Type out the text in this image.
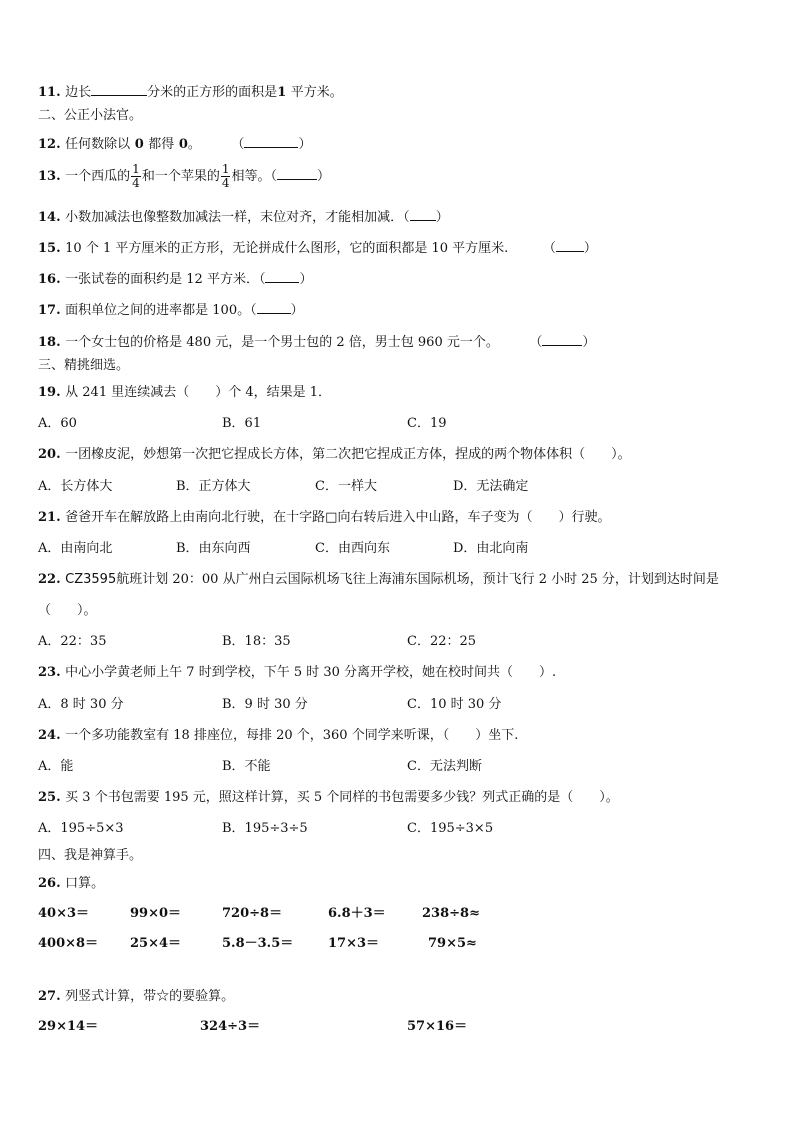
11. 边长	分米的正方形的面积是1 平方米。
二、公正小法官。
12. 任何数除以 0 都得 0。 （	）
13. 一个西瓜的 $\frac{1}{4}$ 和一个苹果的 $\frac{1}{4}$ 相等。（	）
14. 小数加减法也像整数加减法一样，末位对齐，才能相加减．（ ）
15. 10 个 1 平方厘米的正方形，无论拼成什么图形，它的面积都是 10 平方厘米.	（ ）
16. 一张试卷的面积约是 12 平方米．（	）
17. 面积单位之间的进率都是 100。（	）
18. 一个女士包的价格是 480 元，是一个男士包的 2 倍，男士包 960 元一个。 （	）
三、精挑细选。
19. 从 241 里连续减去（　　）个 4，结果是 1．
A．60	B．61	C．19
20. 一团橡皮泥，妙想第一次把它捏成长方体，第二次把它捏成正方体，捏成的两个物体体积（　　）。
A．长方体大	B．正方体大	C．一样大	D．无法确定
21. 爸爸开车在解放路上由南向北行驶，在十字路□向右转后进入中山路，车子变为（　　）行驶。
A．由南向北	B．由东向西	C．由西向东	D．由北向南
22. CZ3595航班计划 20：00 从广州白云国际机场飞往上海浦东国际机场，预计飞行 2 小时 25 分，计划到达时间是
（　　）。
A．22：35	B．18：35	C．22：25
23. 中心小学黄老师上午 7 时到学校，下午 5 时 30 分离开学校，她在校时间共（　　）.
A．8 时 30 分	B．9 时 30 分	C．10 时 30 分
24. 一个多功能教室有 18 排座位，每排 20 个，360 个同学来听课，（　　）坐下.
A．能	B．不能	C．无法判断
25. 买 3 个书包需要 195 元，照这样计算，买 5 个同样的书包需要多少钱？列式正确的是（　　）。
A．195÷5×3	B．195÷3÷5	C．195÷3×5
四、我是神算手。
26. 口算。
40×3＝	99×0＝	720÷8＝	6.8＋3＝	238÷8≈
400×8＝ 25×4＝	5.8－3.5＝	17×3＝	79×5≈
27. 列竖式计算，带☆的要验算。
29×14＝	324÷3＝	57×16＝
